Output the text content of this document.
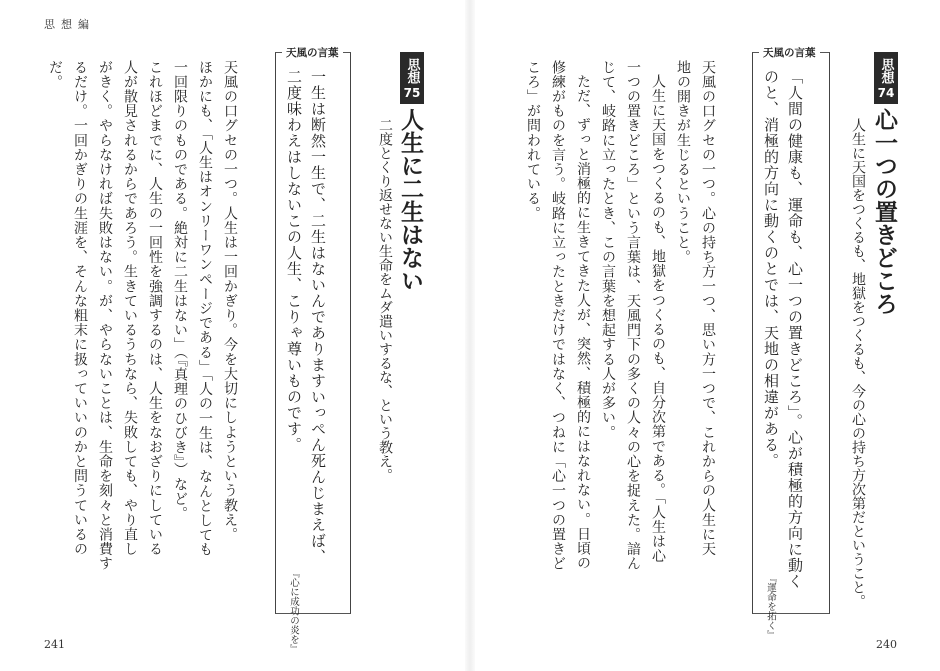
思想編
241	240
思想
74
心一つの置きどころ
人生に天国をつくるも、地獄をつくるも、今の心の持ち方次第だということ。
天風の言葉
「人間の健康も、運命も、心一つの置きどころ」。心が積極的方向に動く
のと、消極的方向に動くのとでは、天地の相違がある。
『運命を拓く』
天風の口グセの一つ。心の持ち方一つ、思い方一つで、これからの人生に天
地の開きが生じるということ。
人生に天国をつくるのも、地獄をつくるのも、自分次第である。「人生は心
一つの置きどころ」という言葉は、天風門下の多くの人々の心を捉えた。諳ん
じて、岐路に立ったとき、この言葉を想起する人が多い。
ただ、ずっと消極的に生きてきた人が、突然、積極的にはなれない。日頃の
修練がものを言う。岐路に立ったときだけではなく、つねに「心一つの置きど
ころ」が問われている。
思想
75
人生に二生はない
二度とくり返せない生命をムダ遣いするな、という教え。
天風の言葉
一生は断然一生で、二生はないんでありますいっぺん死んじまえば、
二度味わえはしないこの人生、こりゃ尊いものです。
『心に成功の炎を』
天風の口グセの一つ。人生は一回かぎり。今を大切にしようという教え。
ほかにも、「人生はオンリーワンページである」「人の一生は、なんとしても
一回限りのものである。絶対に二生はない」（『真理のひびき』）など。
これほどまでに、人生の一回性を強調するのは、人生をなおざりにしている
人が散見されるからであろう。生きているうちなら、失敗しても、やり直し
がきく。やらなければ失敗はない。が、やらないことは、生命を刻々と消費す
るだけ。一回かぎりの生涯を、そんな粗末に扱っていいのかと問うているの
だ。
